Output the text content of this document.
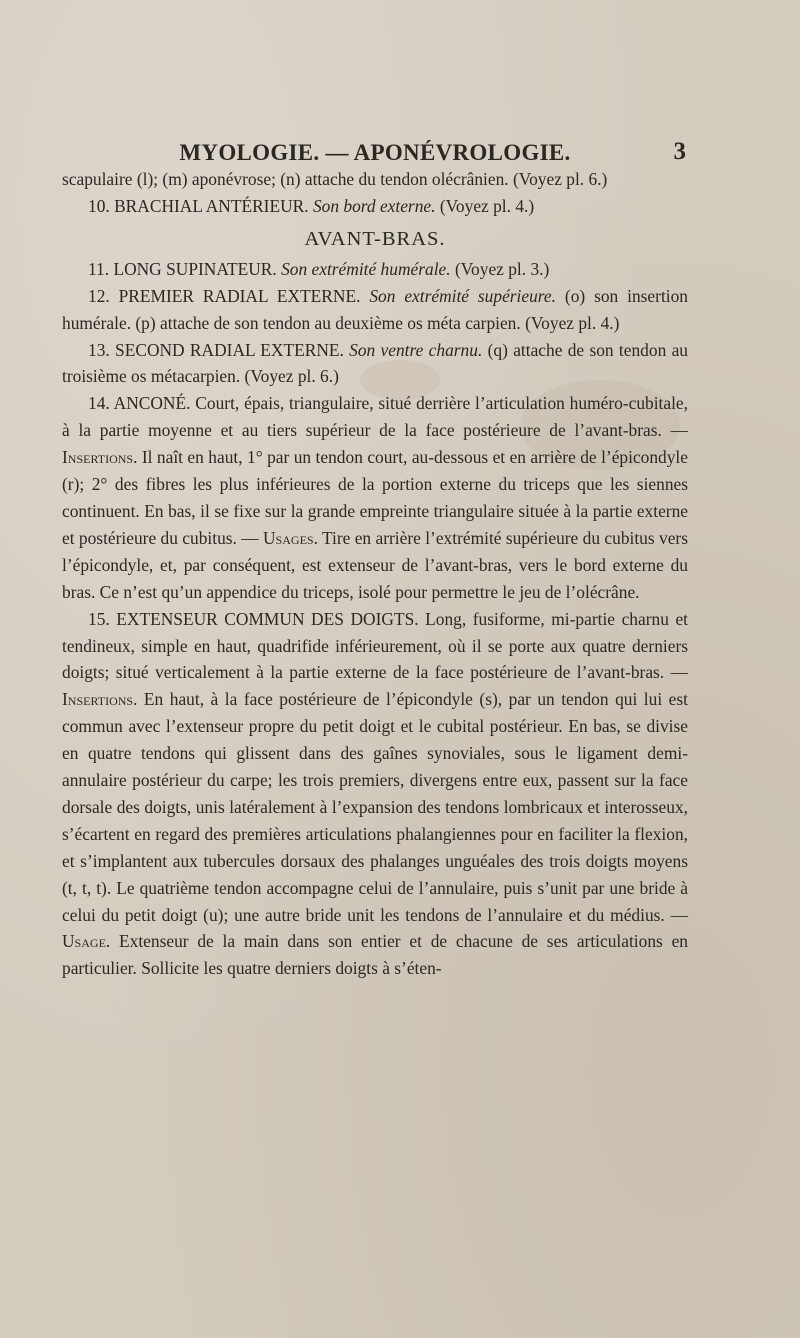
MYOLOGIE. — APONÉVROLOGIE.	3

scapulaire (l); (m) aponévrose; (n) attache du tendon olécrânien. (Voyez pl. 6.)

10. BRACHIAL ANTÉRIEUR. Son bord externe. (Voyez pl. 4.)

AVANT-BRAS.

11. LONG SUPINATEUR. Son extrémité humérale. (Voyez pl. 3.)

12. PREMIER RADIAL EXTERNE. Son extrémité supérieure. (o) son insertion humérale. (p) attache de son tendon au deuxième os méta carpien. (Voyez pl. 4.)

13. SECOND RADIAL EXTERNE. Son ventre charnu. (q) attache de son tendon au troisième os métacarpien. (Voyez pl. 6.)

14. ANCONÉ. Court, épais, triangulaire, situé derrière l’articulation huméro-cubitale, à la partie moyenne et au tiers supérieur de la face postérieure de l’avant-bras. — Insertions. Il naît en haut, 1° par un tendon court, au-dessous et en arrière de l’épicondyle (r); 2° des fibres les plus inférieures de la portion externe du triceps que les siennes continuent. En bas, il se fixe sur la grande empreinte triangulaire située à la partie externe et postérieure du cubitus. — Usages. Tire en arrière l’extrémité supérieure du cubitus vers l’épicondyle, et, par conséquent, est extenseur de l’avant-bras, vers le bord externe du bras. Ce n’est qu’un appendice du triceps, isolé pour permettre le jeu de l’olécrâne.

15. EXTENSEUR COMMUN DES DOIGTS. Long, fusiforme, mi-partie charnu et tendineux, simple en haut, quadrifide inférieurement, où il se porte aux quatre derniers doigts; situé verticalement à la partie externe de la face postérieure de l’avant-bras. — Insertions. En haut, à la face postérieure de l’épicondyle (s), par un tendon qui lui est commun avec l’extenseur propre du petit doigt et le cubital postérieur. En bas, se divise en quatre tendons qui glissent dans des gaînes synoviales, sous le ligament demi-annulaire postérieur du carpe; les trois premiers, divergens entre eux, passent sur la face dorsale des doigts, unis latéralement à l’expansion des tendons lombricaux et interosseux, s’écartent en regard des premières articulations phalangiennes pour en faciliter la flexion, et s’implantent aux tubercules dorsaux des phalanges unguéales des trois doigts moyens (t, t, t). Le quatrième tendon accompagne celui de l’annulaire, puis s’unit par une bride à celui du petit doigt (u); une autre bride unit les tendons de l’annulaire et du médius. — Usage. Extenseur de la main dans son entier et de chacune de ses articulations en particulier. Sollicite les quatre derniers doigts à s’éten-
